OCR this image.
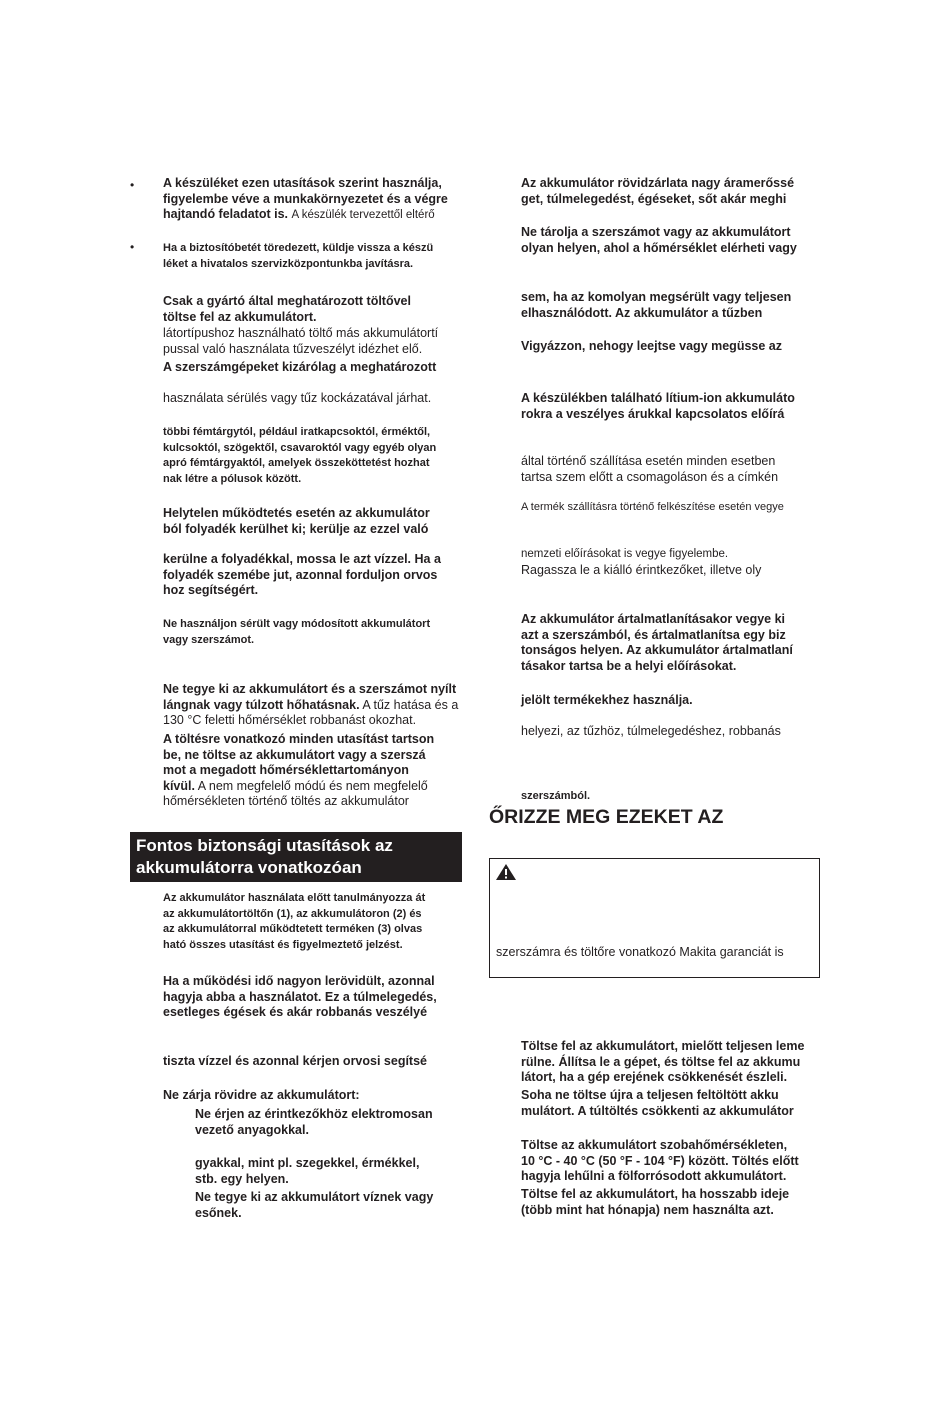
• A készüléket ezen utasítások szerint használja,
figyelembe véve a munkakörnyezetet és a végre
hajtandó feladatot is. A készülék tervezettől eltérő
•	Ha a biztosítóbetét töredezett, küldje vissza a készü
léket a hivatalos szervizközpontunkba javításra.
Csak a gyártó által meghatározott töltővel
töltse fel az akkumulátort.
látortípushoz használható töltő más akkumulátortí
pussal való használata tűzveszélyt idézhet elő.
A szerszámgépeket kizárólag a meghatározott
használata sérülés vagy tűz kockázatával járhat.
többi fémtárgytól, például iratkapcsoktól, érméktől,
kulcsoktól, szögektől, csavaroktól vagy egyéb olyan
apró fémtárgyaktól, amelyek összeköttetést hozhat
nak létre a pólusok között.
Helytelen működtetés esetén az akkumulátor
ból folyadék kerülhet ki; kerülje az ezzel való
kerülne a folyadékkal, mossa le azt vízzel. Ha a
folyadék szemébe jut, azonnal forduljon orvos
hoz segítségért.
Ne használjon sérült vagy módosított akkumulátort
vagy szerszámot.
Ne tegye ki az akkumulátort és a szerszámot nyílt
lángnak vagy túlzott hőhatásnak. A tűz hatása és a
130 °C feletti hőmérséklet robbanást okozhat.
A töltésre vonatkozó minden utasítást tartson
be, ne töltse az akkumulátort vagy a szerszá
mot a megadott hőmérséklettartományon
kívül. A nem megfelelő módú és nem megfelelő
hőmérsékleten történő töltés az akkumulátor
Fontos biztonsági utasítások az
akkumulátorra vonatkozóan
Az akkumulátor használata előtt tanulmányozza át
az akkumulátortöltőn (1), az akkumulátoron (2) és
az akkumulátorral működtetett terméken (3) olvas
ható összes utasítást és figyelmeztető jelzést.
Ha a működési idő nagyon lerövidült, azonnal
hagyja abba a használatot. Ez a túlmelegedés,
esetleges égések és akár robbanás veszélyé
tiszta vízzel és azonnal kérjen orvosi segítsé
Ne zárja rövidre az akkumulátort:
Ne érjen az érintkezőkhöz elektromosan
vezető anyagokkal.
gyakkal, mint pl. szegekkel, érmékkel,
stb. egy helyen.
Ne tegye ki az akkumulátort víznek vagy
esőnek.
Az akkumulátor rövidzárlata nagy áramerőssé
get, túlmelegedést, égéseket, sőt akár meghi
Ne tárolja a szerszámot vagy az akkumulátort
olyan helyen, ahol a hőmérséklet elérheti vagy
sem, ha az komolyan megsérült vagy teljesen
elhasználódott. Az akkumulátor a tűzben
Vigyázzon, nehogy leejtse vagy megüsse az
A készülékben található lítium-ion akkumuláto
rokra a veszélyes árukkal kapcsolatos előírá
által történő szállítása esetén minden esetben
tartsa szem előtt a csomagoláson és a címkén
A termék szállításra történő felkészítése esetén vegye
nemzeti előírásokat is vegye figyelembe.
Ragassza le a kiálló érintkezőket, illetve oly
Az akkumulátor ártalmatlanításakor vegye ki
azt a szerszámból, és ártalmatlanítsa egy biz
tonságos helyen. Az akkumulátor ártalmatlaní
tásakor tartsa be a helyi előírásokat.
jelölt termékekhez használja.
helyezi, az tűzhöz, túlmelegedéshez, robbanás
szerszámból.
ŐRIZZE MEG EZEKET AZ
szerszámra és töltőre vonatkozó Makita garanciát is
Töltse fel az akkumulátort, mielőtt teljesen leme
rülne. Állítsa le a gépet, és töltse fel az akkumu
látort, ha a gép erejének csökkenését észleli.
Soha ne töltse újra a teljesen feltöltött akku
mulátort. A túltöltés csökkenti az akkumulátor
Töltse az akkumulátort szobahőmérsékleten,
10 °C - 40 °C (50 °F - 104 °F) között. Töltés előtt
hagyja lehűlni a fölforrósodott akkumulátort.
Töltse fel az akkumulátort, ha hosszabb ideje
(több mint hat hónapja) nem használta azt.
